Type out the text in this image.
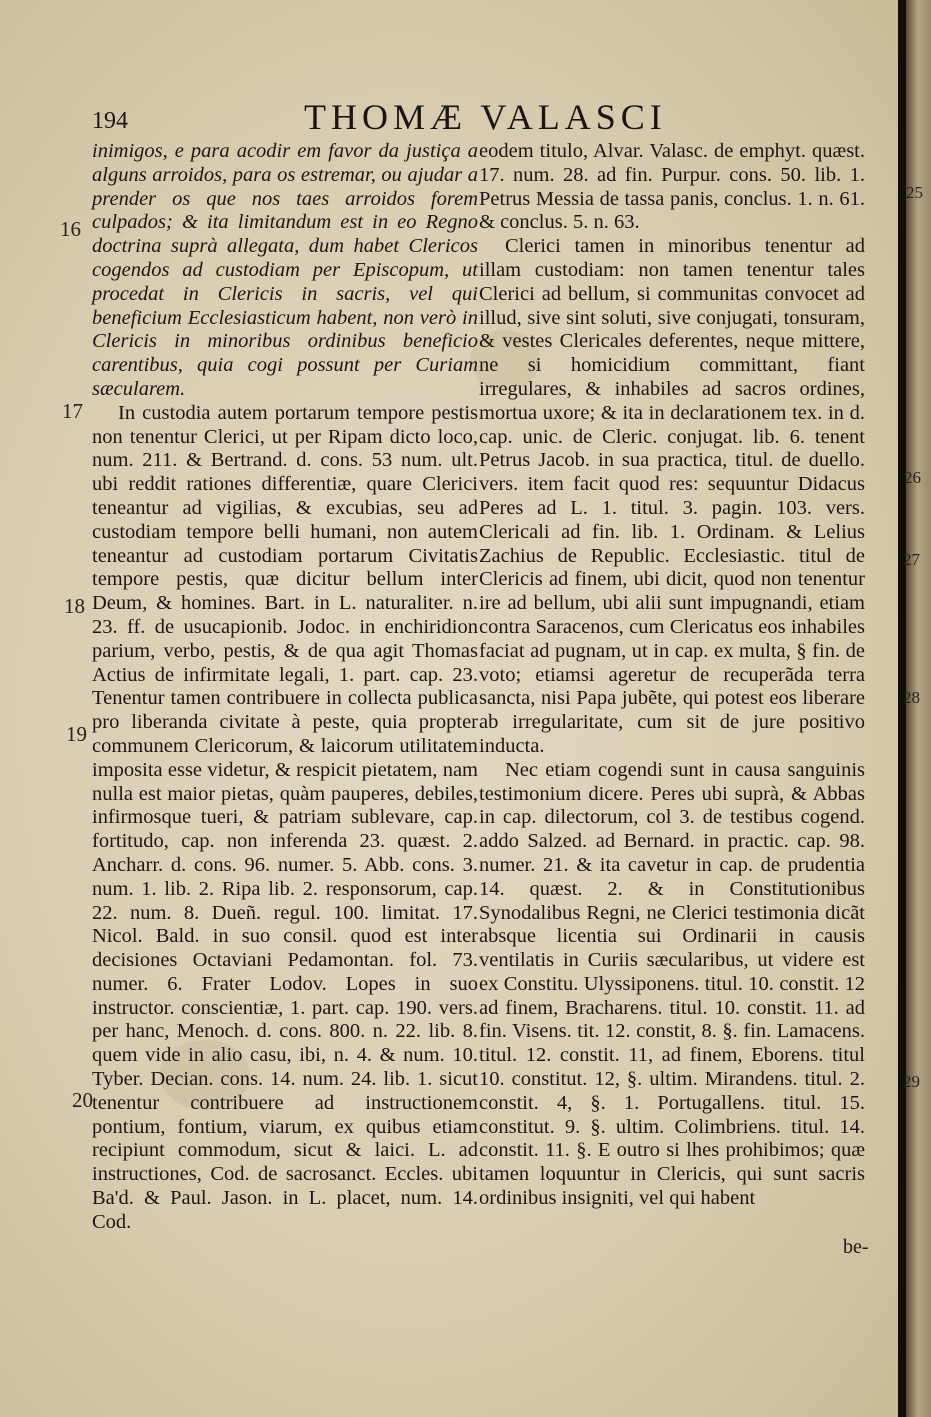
194	THOMÆ VALASCI
16
17
18
19
20

inimigos, e para acodir em favor da justiça a alguns arroidos, para os estremar, ou ajudar a prender os que nos taes arroidos forem culpados; & ita limitandum est in eo Regno doctrina suprà allegata, dum habet Clericos cogendos ad custodiam per Episcopum, ut procedat in Clericis in sacris, vel qui beneficium Ecclesiasticum habent, non verò in Clericis in minoribus ordinibus beneficio carentibus, quia cogi possunt per Curiam sæcularem.

In custodia autem portarum tempore pestis non tenentur Clerici, ut per Ripam dicto loco, num. 211. & Bertrand. d. cons. 53 num. ult. ubi reddit rationes differentiæ, quare Clerici teneantur ad vigilias, & excubias, seu ad custodiam tempore belli humani, non autem teneantur ad custodiam portarum Civitatis tempore pestis, quæ dicitur bellum inter Deum, & homines. Bart. in L. naturaliter. n. 23. ff. de usucapionib. Jodoc. in enchiridion parium, verbo, pestis, & de qua agit Thomas Actius de infirmitate legali, 1. part. cap. 23. Tenentur tamen contribuere in collecta publica pro liberanda civitate à peste, quia propter communem Clericorum, & laicorum utilitatem imposita esse videtur, & respicit pietatem, nam nulla est maior pietas, quàm pauperes, debiles, infirmosque tueri, & patriam sublevare, cap. fortitudo, cap. non inferenda 23. quæst. 2. Ancharr. d. cons. 96. numer. 5. Abb. cons. 3. num. 1. lib. 2. Ripa lib. 2. responsorum, cap. 22. num. 8. Dueñ. regul. 100. limitat. 17. Nicol. Bald. in suo consil. quod est inter decisiones Octaviani Pedamontan. fol. 73. numer. 6. Frater Lodov. Lopes in suo instructor. conscientiæ, 1. part. cap. 190. vers. per hanc, Menoch. d. cons. 800. n. 22. lib. 8. quem vide in alio casu, ibi, n. 4. & num. 10. Tyber. Decian. cons. 14. num. 24. lib. 1. sicut tenentur contribuere ad instructionem pontium, fontium, viarum, ex quibus etiam recipiunt commodum, sicut & laici. L. ad instructiones, Cod. de sacrosanct. Eccles. ubi Ba'd. & Paul. Jason. in L. placet, num. 14. Cod.

eodem titulo, Alvar. Valasc. de emphyt. quæst. 17. num. 28. ad fin. Purpur. cons. 50. lib. 1. Petrus Messia de tassa panis, conclus. 1. n. 61. & conclus. 5. n. 63.

Clerici tamen in minoribus tenentur ad illam custodiam: non tamen tenentur tales Clerici ad bellum, si communitas convocet ad illud, sive sint soluti, sive conjugati, tonsuram, & vestes Clericales deferentes, neque mittere, ne si homicidium committant, fiant irregulares, & inhabiles ad sacros ordines, mortua uxore; & ita in declarationem tex. in d. cap. unic. de Cleric. conjugat. lib. 6. tenent Petrus Jacob. in sua practica, titul. de duello. vers. item facit quod res: sequuntur Didacus Peres ad L. 1. titul. 3. pagin. 103. vers. Clericali ad fin. lib. 1. Ordinam. & Lelius Zachius de Republic. Ecclesiastic. titul de Clericis ad finem, ubi dicit, quod non tenentur ire ad bellum, ubi alii sunt impugnandi, etiam contra Saracenos, cum Clericatus eos inhabiles faciat ad pugnam, ut in cap. ex multa, § fin. de voto; etiamsi ageretur de recuperãda terra sancta, nisi Papa jubẽte, qui potest eos liberare ab irregularitate, cum sit de jure positivo inducta.

Nec etiam cogendi sunt in causa sanguinis testimonium dicere. Peres ubi suprà, & Abbas in cap. dilectorum, col 3. de testibus cogend. addo Salzed. ad Bernard. in practic. cap. 98. numer. 21. & ita cavetur in cap. de prudentia 14. quæst. 2. & in Constitutionibus Synodalibus Regni, ne Clerici testimonia dicãt absque licentia sui Ordinarii in causis ventilatis in Curiis sæcularibus, ut videre est ex Constitu. Ulyssiponens. titul. 10. constit. 12 ad finem, Bracharens. titul. 10. constit. 11. ad fin. Visens. tit. 12. constit, 8. §. fin. Lamacens. titul. 12. constit. 11, ad finem, Eborens. titul 10. constitut. 12, §. ultim. Mirandens. titul. 2. constit. 4, §. 1. Portugallens. titul. 15. constitut. 9. §. ultim. Colimbriens. titul. 14. constit. 11. §. E outro si lhes prohibimos; quæ tamen loquuntur in Clericis, qui sunt sacris ordinibus insigniti, vel qui habent

be-
25
26
27
28
29
